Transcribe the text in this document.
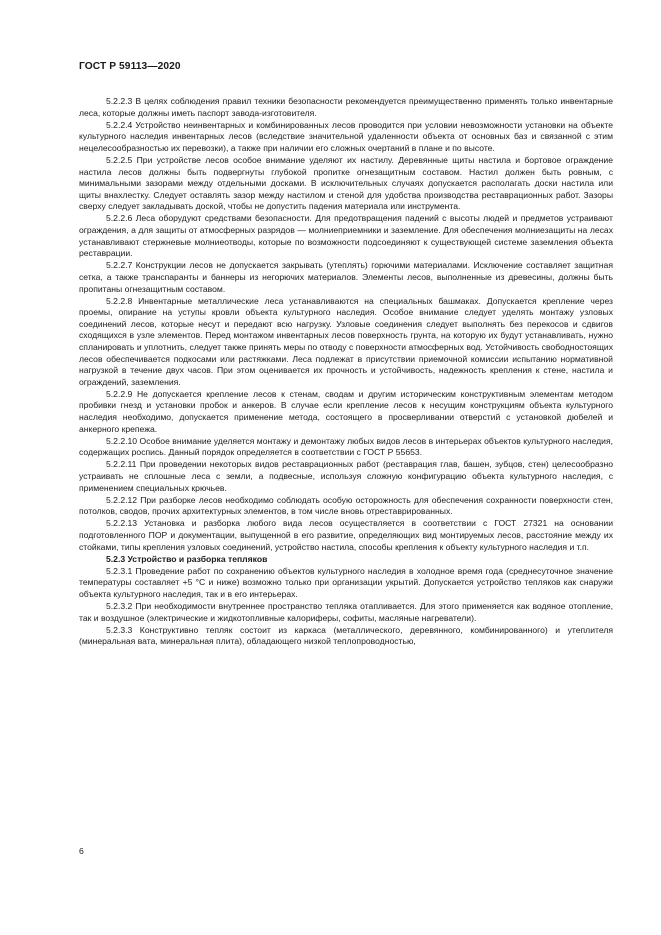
ГОСТ Р 59113—2020

5.2.2.3 В целях соблюдения правил техники безопасности рекомендуется преимущественно применять только инвентарные леса, которые должны иметь паспорт завода-изготовителя.

5.2.2.4 Устройство неинвентарных и комбинированных лесов проводится при условии невозможности установки на объекте культурного наследия инвентарных лесов (вследствие значительной удаленности объекта от основных баз и связанной с этим нецелесообразностью их перевозки), а также при наличии его сложных очертаний в плане и по высоте.

5.2.2.5 При устройстве лесов особое внимание уделяют их настилу. Деревянные щиты настила и бортовое ограждение настила лесов должны быть подвергнуты глубокой пропитке огнезащитным составом. Настил должен быть ровным, с минимальными зазорами между отдельными досками. В исключительных случаях допускается располагать доски настила или щиты внахлестку. Следует оставлять зазор между настилом и стеной для удобства производства реставрационных работ. Зазоры сверху следует закладывать доской, чтобы не допустить падения материала или инструмента.

5.2.2.6 Леса оборудуют средствами безопасности. Для предотвращения падений с высоты людей и предметов устраивают ограждения, а для защиты от атмосферных разрядов — молниеприемники и заземление. Для обеспечения молниезащиты на лесах устанавливают стержневые молниеотводы, которые по возможности подсоединяют к существующей системе заземления объекта реставрации.

5.2.2.7 Конструкции лесов не допускается закрывать (утеплять) горючими материалами. Исключение составляет защитная сетка, а также транспаранты и баннеры из негорючих материалов. Элементы лесов, выполненные из древесины, должны быть пропитаны огнезащитным составом.

5.2.2.8 Инвентарные металлические леса устанавливаются на специальных башмаках. Допускается крепление через проемы, опирание на уступы кровли объекта культурного наследия. Особое внимание следует уделять монтажу узловых соединений лесов, которые несут и передают всю нагрузку. Узловые соединения следует выполнять без перекосов и сдвигов сходящихся в узле элементов. Перед монтажом инвентарных лесов поверхность грунта, на которую их будут устанавливать, нужно спланировать и уплотнить, следует также принять меры по отводу с поверхности атмосферных вод. Устойчивость свободностоящих лесов обеспечивается подкосами или растяжками. Леса подлежат в присутствии приемочной комиссии испытанию нормативной нагрузкой в течение двух часов. При этом оценивается их прочность и устойчивость, надежность крепления к стене, настила и ограждений, заземления.

5.2.2.9 Не допускается крепление лесов к стенам, сводам и другим историческим конструктивным элементам методом пробивки гнезд и установки пробок и анкеров. В случае если крепление лесов к несущим конструкциям объекта культурного наследия необходимо, допускается применение метода, состоящего в просверливании отверстий с установкой дюбелей и анкерного крепежа.

5.2.2.10 Особое внимание уделяется монтажу и демонтажу любых видов лесов в интерьерах объектов культурного наследия, содержащих роспись. Данный порядок определяется в соответствии с ГОСТ Р 55653.

5.2.2.11 При проведении некоторых видов реставрационных работ (реставрация глав, башен, зубцов, стен) целесообразно устраивать не сплошные леса с земли, а подвесные, используя сложную конфигурацию объекта культурного наследия, с применением специальных крючьев.

5.2.2.12 При разборке лесов необходимо соблюдать особую осторожность для обеспечения сохранности поверхности стен, потолков, сводов, прочих архитектурных элементов, в том числе вновь отреставрированных.

5.2.2.13 Установка и разборка любого вида лесов осуществляется в соответствии с ГОСТ 27321 на основании подготовленного ПОР и документации, выпущенной в его развитие, определяющих вид монтируемых лесов, расстояние между их стойками, типы крепления узловых соединений, устройство настила, способы крепления к объекту культурного наследия и т.п.

5.2.3 Устройство и разборка тепляков

5.2.3.1 Проведение работ по сохранению объектов культурного наследия в холодное время года (среднесуточное значение температуры составляет +5 °С и ниже) возможно только при организации укрытий. Допускается устройство тепляков как снаружи объекта культурного наследия, так и в его интерьерах.

5.2.3.2 При необходимости внутреннее пространство тепляка отапливается. Для этого применяется как водяное отопление, так и воздушное (электрические и жидкотопливные калориферы, софиты, масляные нагреватели).

5.2.3.3 Конструктивно тепляк состоит из каркаса (металлического, деревянного, комбинированного) и утеплителя (минеральная вата, минеральная плита), обладающего низкой теплопроводностью,

6
